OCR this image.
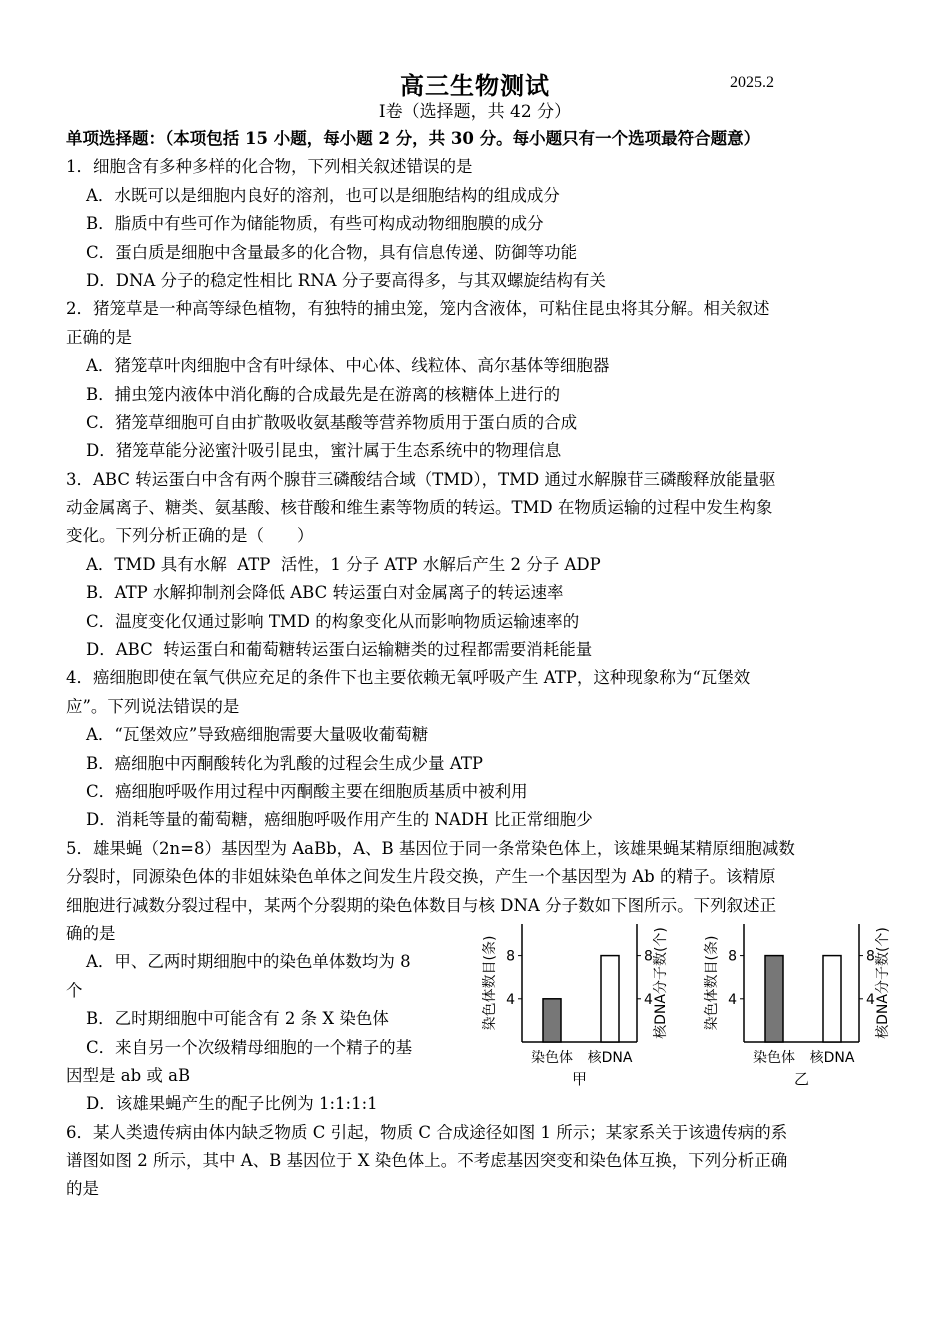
高三生物测试	2025.2
Ⅰ卷（选择题，共 42 分）
单项选择题：（本项包括 15 小题，每小题 2 分，共 30 分。每小题只有一个选项最符合题意）
1．细胞含有多种多样的化合物，下列相关叙述错误的是
A．水既可以是细胞内良好的溶剂，也可以是细胞结构的组成成分
B．脂质中有些可作为储能物质，有些可构成动物细胞膜的成分
C．蛋白质是细胞中含量最多的化合物，具有信息传递、防御等功能
D．DNA 分子的稳定性相比 RNA 分子要高得多，与其双螺旋结构有关
2．猪笼草是一种高等绿色植物，有独特的捕虫笼，笼内含液体，可粘住昆虫将其分解。相关叙述
正确的是
A．猪笼草叶肉细胞中含有叶绿体、中心体、线粒体、高尔基体等细胞器
B．捕虫笼内液体中消化酶的合成最先是在游离的核糖体上进行的
C．猪笼草细胞可自由扩散吸收氨基酸等营养物质用于蛋白质的合成
D．猪笼草能分泌蜜汁吸引昆虫，蜜汁属于生态系统中的物理信息
3．ABC 转运蛋白中含有两个腺苷三磷酸结合域（TMD），TMD 通过水解腺苷三磷酸释放能量驱
动金属离子、糖类、氨基酸、核苷酸和维生素等物质的转运。TMD 在物质运输的过程中发生构象
变化。下列分析正确的是（　　）
A．TMD 具有水解  ATP  活性，1 分子 ATP 水解后产生 2 分子 ADP
B．ATP 水解抑制剂会降低 ABC 转运蛋白对金属离子的转运速率
C．温度变化仅通过影响 TMD 的构象变化从而影响物质运输速率的
D．ABC  转运蛋白和葡萄糖转运蛋白运输糖类的过程都需要消耗能量
4．癌细胞即使在氧气供应充足的条件下也主要依赖无氧呼吸产生 ATP，这种现象称为“瓦堡效
应”。下列说法错误的是
A．“瓦堡效应”导致癌细胞需要大量吸收葡萄糖
B．癌细胞中丙酮酸转化为乳酸的过程会生成少量 ATP
C．癌细胞呼吸作用过程中丙酮酸主要在细胞质基质中被利用
D．消耗等量的葡萄糖，癌细胞呼吸作用产生的 NADH 比正常细胞少
5．雄果蝇（2n=8）基因型为 AaBb，A、B 基因位于同一条常染色体上，该雄果蝇某精原细胞减数
分裂时，同源染色体的非姐妹染色单体之间发生片段交换，产生一个基因型为 Ab 的精子。该精原
细胞进行减数分裂过程中，某两个分裂期的染色体数目与核 DNA 分子数如下图所示。下列叙述正
确的是
A．甲、乙两时期细胞中的染色单体数均为 8
个
B．乙时期细胞中可能含有 2 条 X 染色体
C．来自另一个次级精母细胞的一个精子的基
因型是 ab 或 aB
D．该雄果蝇产生的配子比例为 1:1:1:1
6．某人类遗传病由体内缺乏物质 C 引起，物质 C 合成途径如图 1 所示；某家系关于该遗传病的系
谱图如图 2 所示，其中 A、B 基因位于 X 染色体上。不考虑基因突变和染色体互换，下列分析正确
的是
4	4
8	8
染色体数目(条)	核DNA分子数(个)
染色体 核DNA
甲
4	4
8	8
染色体数目(条)	核DNA分子数(个)
染色体 核DNA
乙
